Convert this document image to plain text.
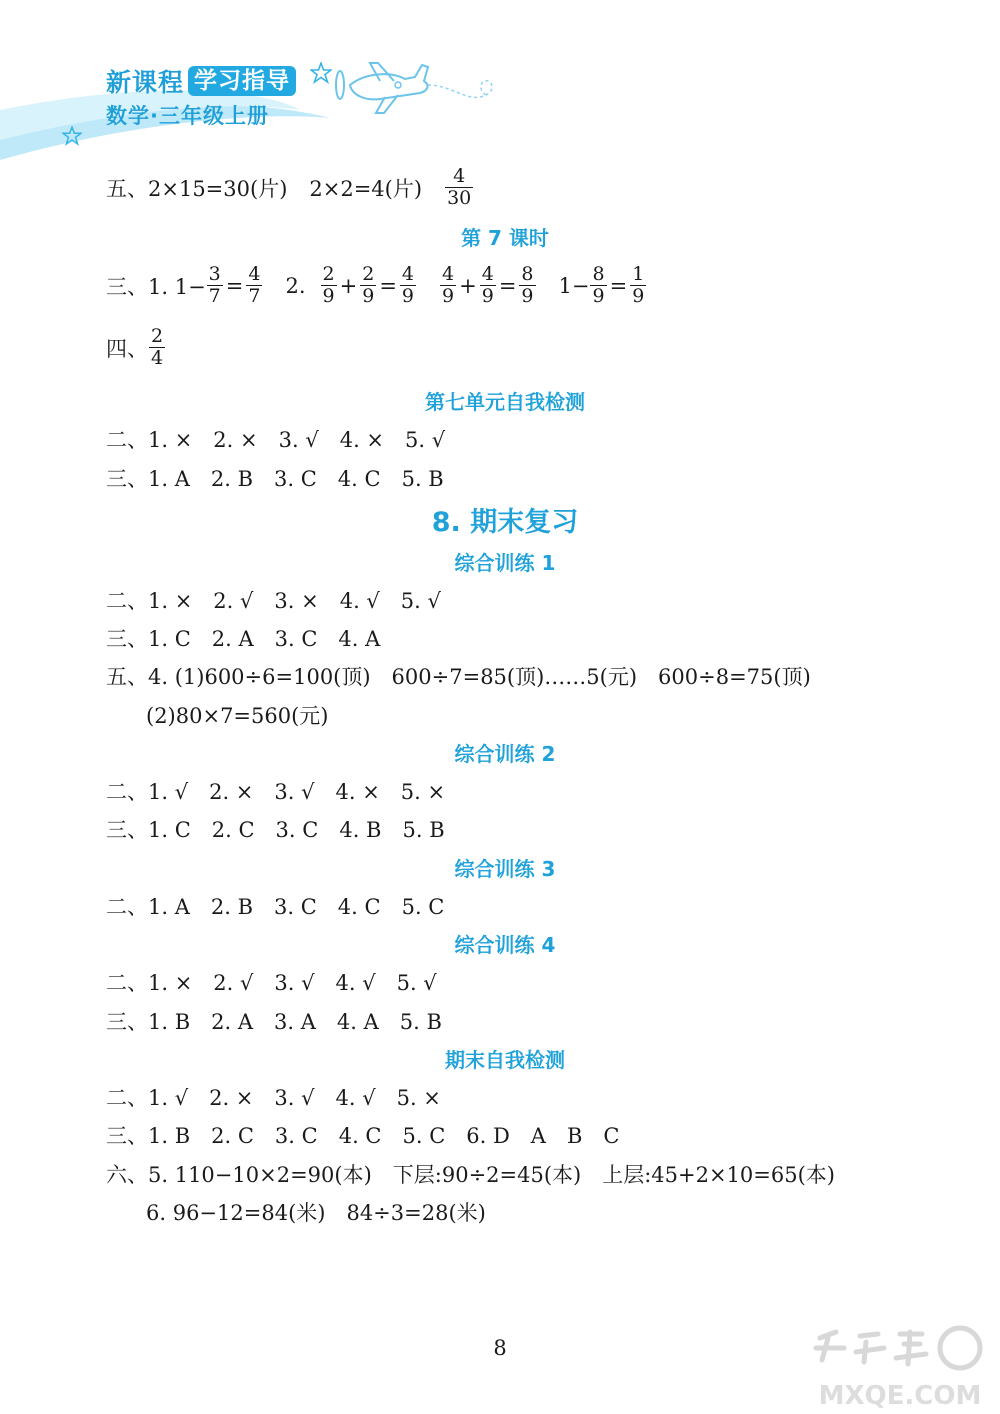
新课程 学习指导
数学·三年级上册
五、 2×15=30(片) 2×2=4(片) $\frac{4}{30}$
第 7 课时
三、1. $1- \frac{3}{7} = \frac{4}{7} 2$. $\frac{2}{9} + \frac{2}{9} = \frac{4}{9} \frac{4}{9} + \frac{4}{9} = \frac{8}{9} 1- \frac{8}{9} = \frac{1}{9}$
四、 $\frac{2}{4}$
第七单元自我检测
二、1. ×　2. ×　3. √　4. ×　5. √
三、1. A　2. B　3. C　4. C　5. B
8. 期末复习
综合训练 1
二、1. ×　2. √　3. ×　4. √　5. √
三、1. C　2. A　3. C　4. A
五、4. (1)600÷6=100(顶)　600÷7=85(顶)……5(元)　600÷8=75(顶)
(2)80×7=560(元)
综合训练 2
二、1. √　2. ×　3. √　4. ×　5. ×
三、1. C　2. C　3. C　4. B　5. B
综合训练 3
二、1. A　2. B　3. C　4. C　5. C
综合训练 4
二、1. ×　2. √　3. √　4. √　5. √
三、1. B　2. A　3. A　4. A　5. B
期末自我检测
二、1. √　2. ×　3. √　4. √　5. ×
三、1. B　2. C　3. C　4. C　5. C　6. D　A　B　C
六、5. 110−10×2=90(本)　下层:90÷2=45(本)　上层:45+2×10=65(本)
6. 96−12=84(米)　84÷3=28(米)
8
MXQE.COM
